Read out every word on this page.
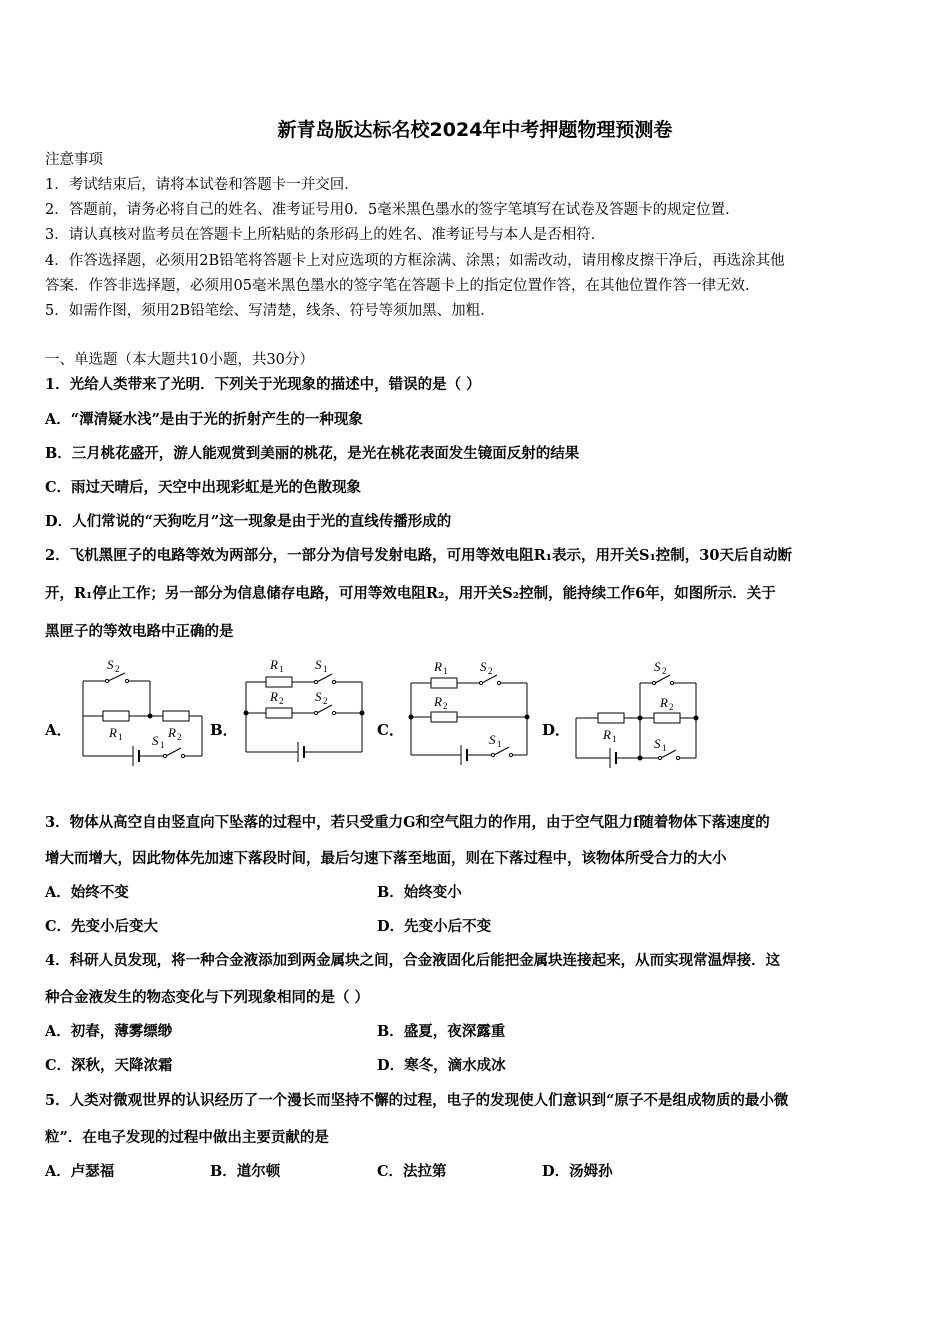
新青岛版达标名校2024年中考押题物理预测卷
注意事项
1．考试结束后，请将本试卷和答题卡一并交回．
2．答题前，请务必将自己的姓名、准考证号用0．5毫米黑色墨水的签字笔填写在试卷及答题卡的规定位置．
3．请认真核对监考员在答题卡上所粘贴的条形码上的姓名、准考证号与本人是否相符．
4．作答选择题，必须用2B铅笔将答题卡上对应选项的方框涂满、涂黑；如需改动，请用橡皮擦干净后，再选涂其他
答案．作答非选择题，必须用05毫米黑色墨水的签字笔在答题卡上的指定位置作答，在其他位置作答一律无效．
5．如需作图，须用2B铅笔绘、写清楚，线条、符号等须加黑、加粗．
一、单选题（本大题共10小题，共30分）
1．光给人类带来了光明．下列关于光现象的描述中，错误的是（ ）
A．“潭清疑水浅”是由于光的折射产生的一种现象
B．三月桃花盛开，游人能观赏到美丽的桃花，是光在桃花表面发生镜面反射的结果
C．雨过天晴后，天空中出现彩虹是光的色散现象
D．人们常说的“天狗吃月”这一现象是由于光的直线传播形成的
2．飞机黑匣子的电路等效为两部分，一部分为信号发射电路，可用等效电阻R₁表示，用开关S₁控制，30天后自动断
开，R₁停止工作；另一部分为信息储存电路，可用等效电阻R₂，用开关S₂控制，能持续工作6年，如图所示．关于
黑匣子的等效电路中正确的是
A．	B．	C．	D．
S 2
R 1	R 2
S 1
R 1 S 1
R 2 S 2
R 1	S 2
R 2
S 1
S 2
R 2
R 1	S 1
3．物体从高空自由竖直向下坠落的过程中，若只受重力G和空气阻力的作用，由于空气阻力f随着物体下落速度的
增大而增大，因此物体先加速下落段时间，最后匀速下落至地面，则在下落过程中，该物体所受合力的大小
A．始终不变	B．始终变小
C．先变小后变大	D．先变小后不变
4．科研人员发现，将一种合金液添加到两金属块之间，合金液固化后能把金属块连接起来，从而实现常温焊接．这
种合金液发生的物态变化与下列现象相同的是（ ）
A．初春，薄雾缥缈	B．盛夏，夜深露重
C．深秋，天降浓霜	D．寒冬，滴水成冰
5．人类对微观世界的认识经历了一个漫长而坚持不懈的过程，电子的发现使人们意识到“原子不是组成物质的最小微
粒”．在电子发现的过程中做出主要贡献的是
A．卢瑟福	B．道尔顿	C．法拉第	D．汤姆孙
